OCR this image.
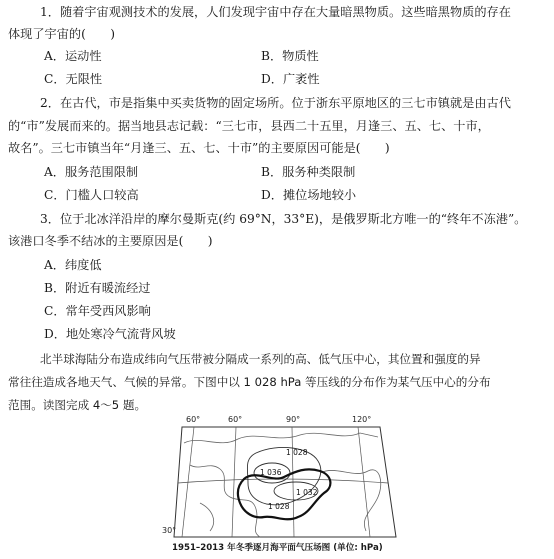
1．随着宇宙观测技术的发展，人们发现宇宙中存在大量暗黑物质。这些暗黑物质的存在
体现了宇宙的(　　)
A．运动性	B．物质性
C．无限性	D．广袤性
2．在古代，市是指集中买卖货物的固定场所。位于浙东平原地区的三七市镇就是由古代
的“市”发展而来的。据当地县志记载：“三七市，县西二十五里，月逢三、五、七、十市，
故名”。三七市镇当年“月逢三、五、七、十市”的主要原因可能是(　　)
A．服务范围限制	B．服务种类限制
C．门槛人口较高	D．摊位场地较小
3．位于北冰洋沿岸的摩尔曼斯克(约 69°N，33°E)，是俄罗斯北方唯一的“终年不冻港”。
该港口冬季不结冰的主要原因是(　　)
A．纬度低
B．附近有暖流经过
C．常年受西风影响
D．地处寒冷气流背风坡
北半球海陆分布造成纬向气压带被分隔成一系列的高、低气压中心，其位置和强度的异
常往往造成各地天气、气候的异常。下图中以 1 028 hPa 等压线的分布作为某气压中心的分布
范围。读图完成 4～5 题。
60°	60°	90°	120°
30°
1 028
1 036
1 032
1 028
1951–2013 年冬季逐月海平面气压场图 (单位: hPa)
